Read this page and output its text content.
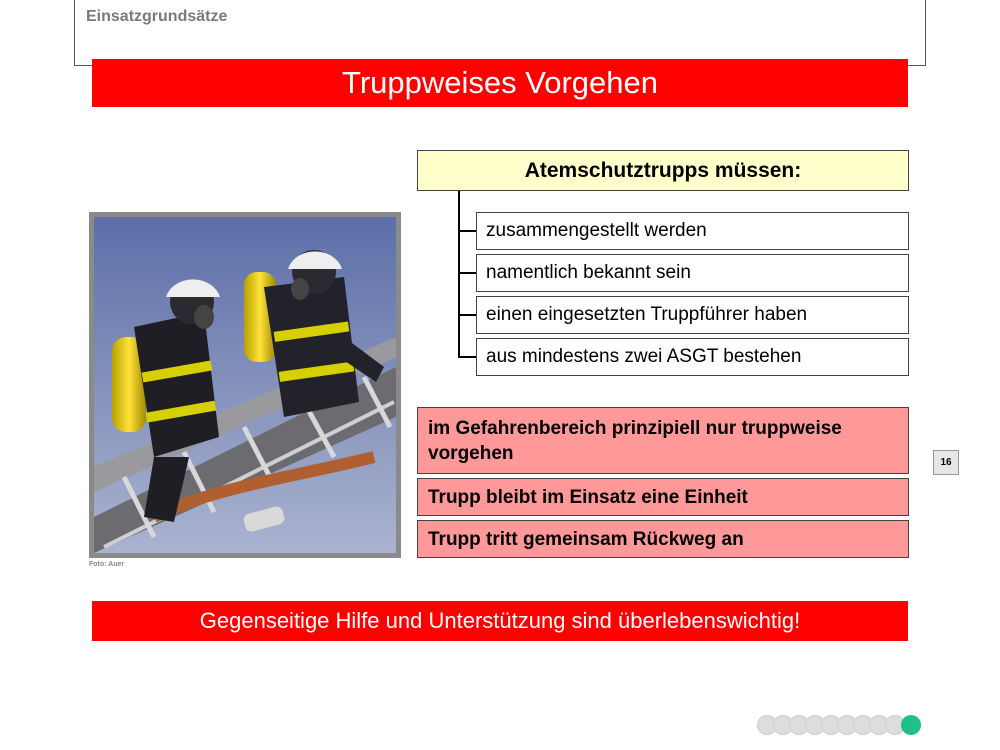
Einsatzgrundsätze
Truppweises Vorgehen
Foto: Auer
Atemschutztrupps müssen:
zusammengestellt werden
namentlich bekannt sein
einen eingesetzten Truppführer haben
aus mindestens zwei ASGT bestehen
im Gefahrenbereich prinzipiell nur truppweise vorgehen
Trupp bleibt im Einsatz eine Einheit
Trupp tritt gemeinsam Rückweg an
16
Gegenseitige Hilfe und Unterstützung sind überlebenswichtig!
